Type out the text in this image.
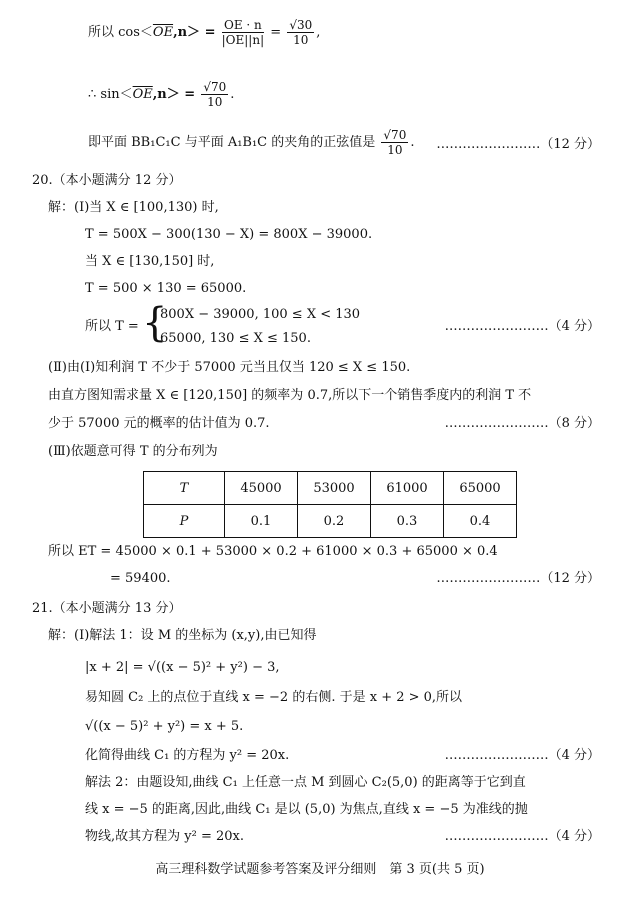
所以 $\cos<\overline{OE},n> = \frac{OE \cdot n}{|OE||n|} = \frac{√30}{10}$ ,
∴ $\sin<\overline{OE},n> = \frac{√70}{10}$ .
即平面 BB₁C₁C 与平面 A₁B₁C 的夹角的正弦值是 $\frac{√70}{10}$ . ……………………（12 分）
20.（本小题满分 12 分）
解：(Ⅰ)当 X ∈ [100,130) 时,
T = 500X − 300(130 − X) = 800X − 39000.
当 X ∈ [130,150] 时,
T = 500 × 130 = 65000.
所以 T = {
800X − 39000, 100 ≤ X < 130
65000, 130 ≤ X ≤ 150.
……………………（4 分）
(Ⅱ)由(Ⅰ)知利润 T 不少于 57000 元当且仅当 120 ≤ X ≤ 150.
由直方图知需求量 X ∈ [120,150] 的频率为 0.7,所以下一个销售季度内的利润 T 不
少于 57000 元的概率的估计值为 0.7.	……………………（8 分）
(Ⅲ)依题意可得 T 的分布列为
T	45000	53000	61000	65000
P	0.1	0.2	0.3	0.4
所以 ET = 45000 × 0.1 + 53000 × 0.2 + 61000 × 0.3 + 65000 × 0.4
= 59400.	……………………（12 分）
21.（本小题满分 13 分）
解：(Ⅰ)解法 1：设 M 的坐标为 (x,y),由已知得
|x + 2| = √((x − 5)² + y²) − 3,
易知圆 C₂ 上的点位于直线 x = −2 的右侧. 于是 x + 2 > 0,所以
√((x − 5)² + y²) = x + 5.
化简得曲线 C₁ 的方程为 y² = 20x.	……………………（4 分）
解法 2：由题设知,曲线 C₁ 上任意一点 M 到圆心 C₂(5,0) 的距离等于它到直
线 x = −5 的距离,因此,曲线 C₁ 是以 (5,0) 为焦点,直线 x = −5 为准线的抛
物线,故其方程为 y² = 20x.	……………………（4 分）
高三理科数学试题参考答案及评分细则　第 3 页(共 5 页)
